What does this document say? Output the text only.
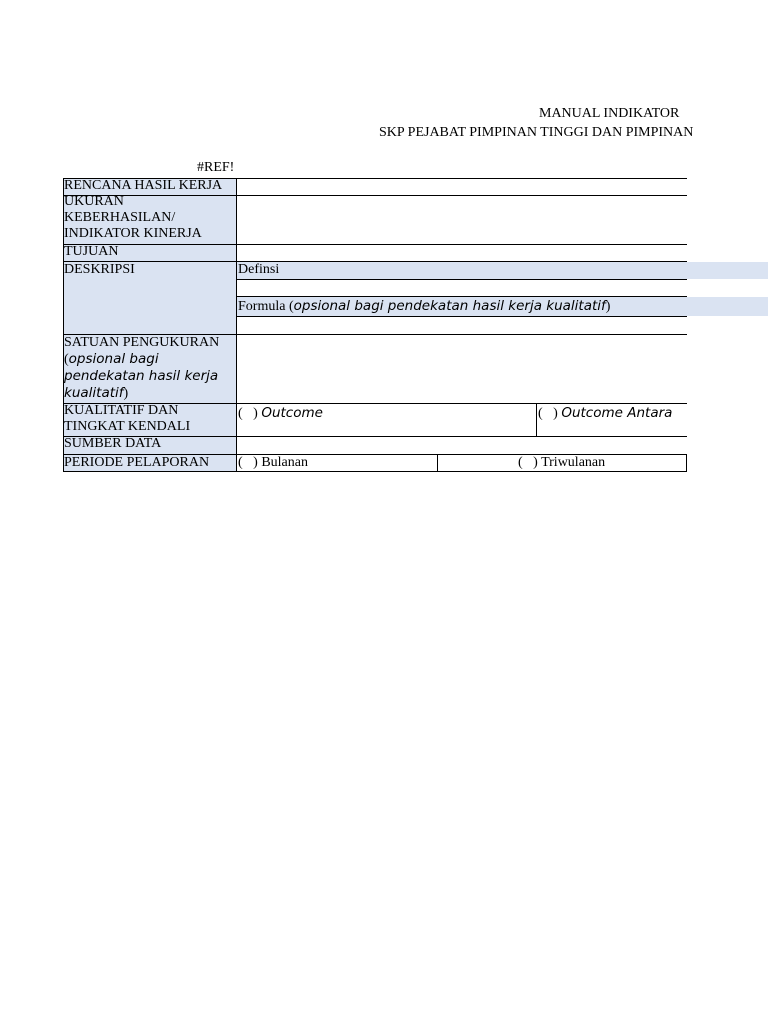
MANUAL INDIKATOR
SKP PEJABAT PIMPINAN TINGGI DAN PIMPINAN
#REF!
RENCANA HASIL KERJA
UKURAN
KEBERHASILAN/
INDIKATOR KINERJA
TUJUAN
DESKRIPSI
SATUAN PENGUKURAN
(opsional bagi
pendekatan hasil kerja
kualitatif)
KUALITATIF DAN
TINGKAT KENDALI
SUMBER DATA
PERIODE PELAPORAN
Definsi
Formula (opsional bagi pendekatan hasil kerja kualitatif)
(   ) Outcome	(   ) Outcome Antara
(   ) Bulanan	(   ) Triwulanan
